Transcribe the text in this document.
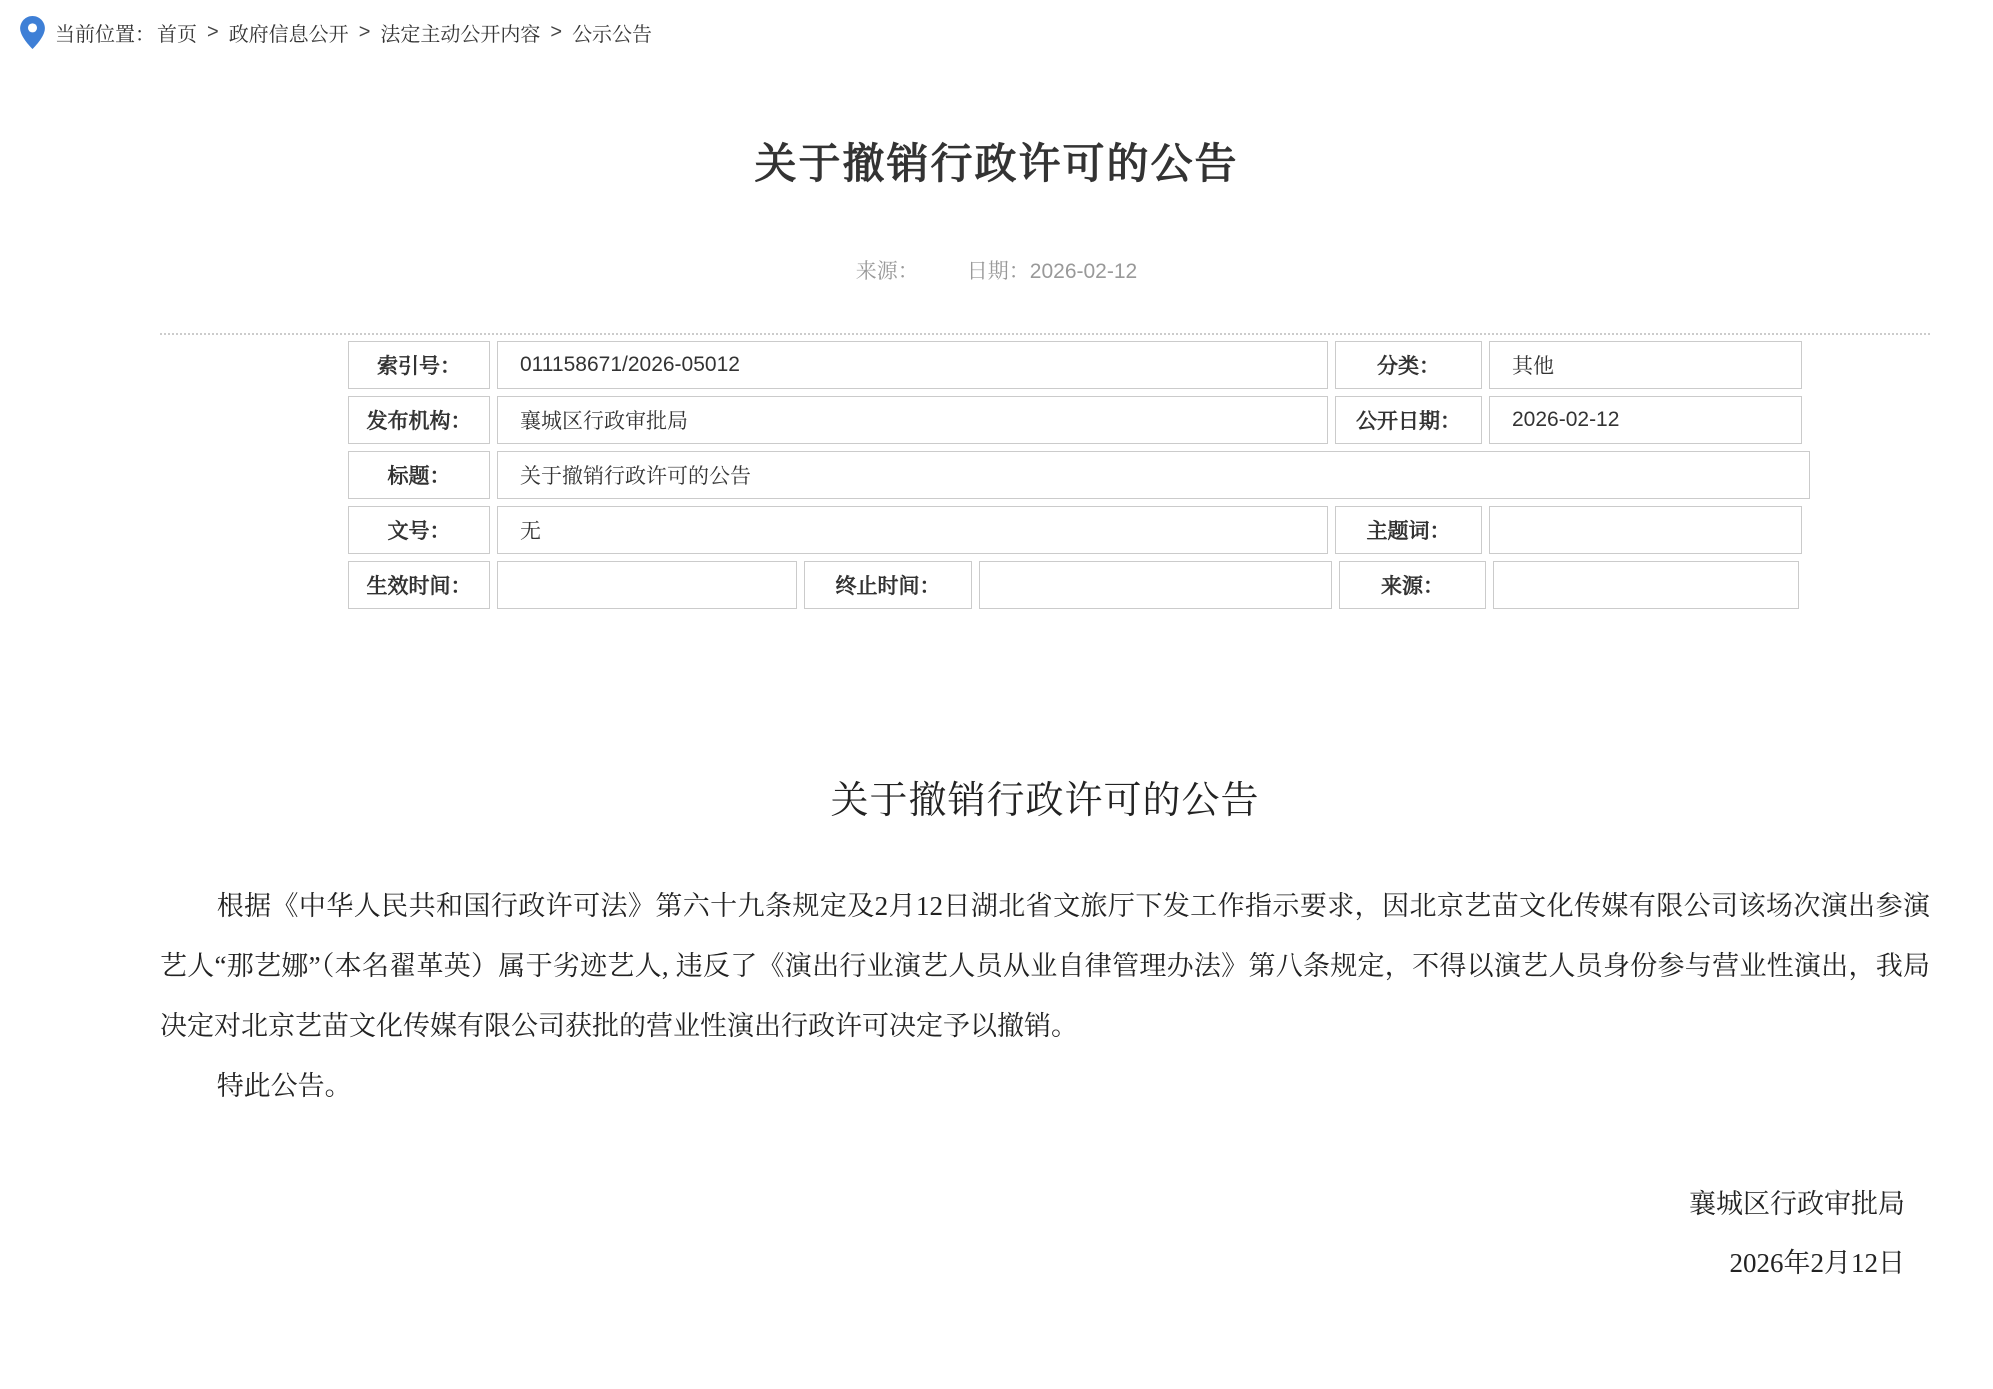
当前位置： 首页 > 政府信息公开 > 法定主动公开内容 > 公示公告
关于撤销行政许可的公告
来源： 日期：2026-02-12
索引号：	011158671/2026-05012	分类：	其他
发布机构：	襄城区行政审批局	公开日期：	2026-02-12
标题：	关于撤销行政许可的公告
文号：	无	主题词：
生效时间：	终止时间：	来源：
关于撤销行政许可的公告

根据《中华人民共和国行政许可法》第六十九条规定及2月12日湖北省文旅厅下发工作指示要求，因北京艺苗文化传媒有限公司该场次演出参演艺人“那艺娜”（本名翟革英）属于劣迹艺人, 违反了《演出行业演艺人员从业自律管理办法》第八条规定，不得以演艺人员身份参与营业性演出，我局决定对北京艺苗文化传媒有限公司获批的营业性演出行政许可决定予以撤销。

特此公告。

襄城区行政审批局
2026年2月12日
